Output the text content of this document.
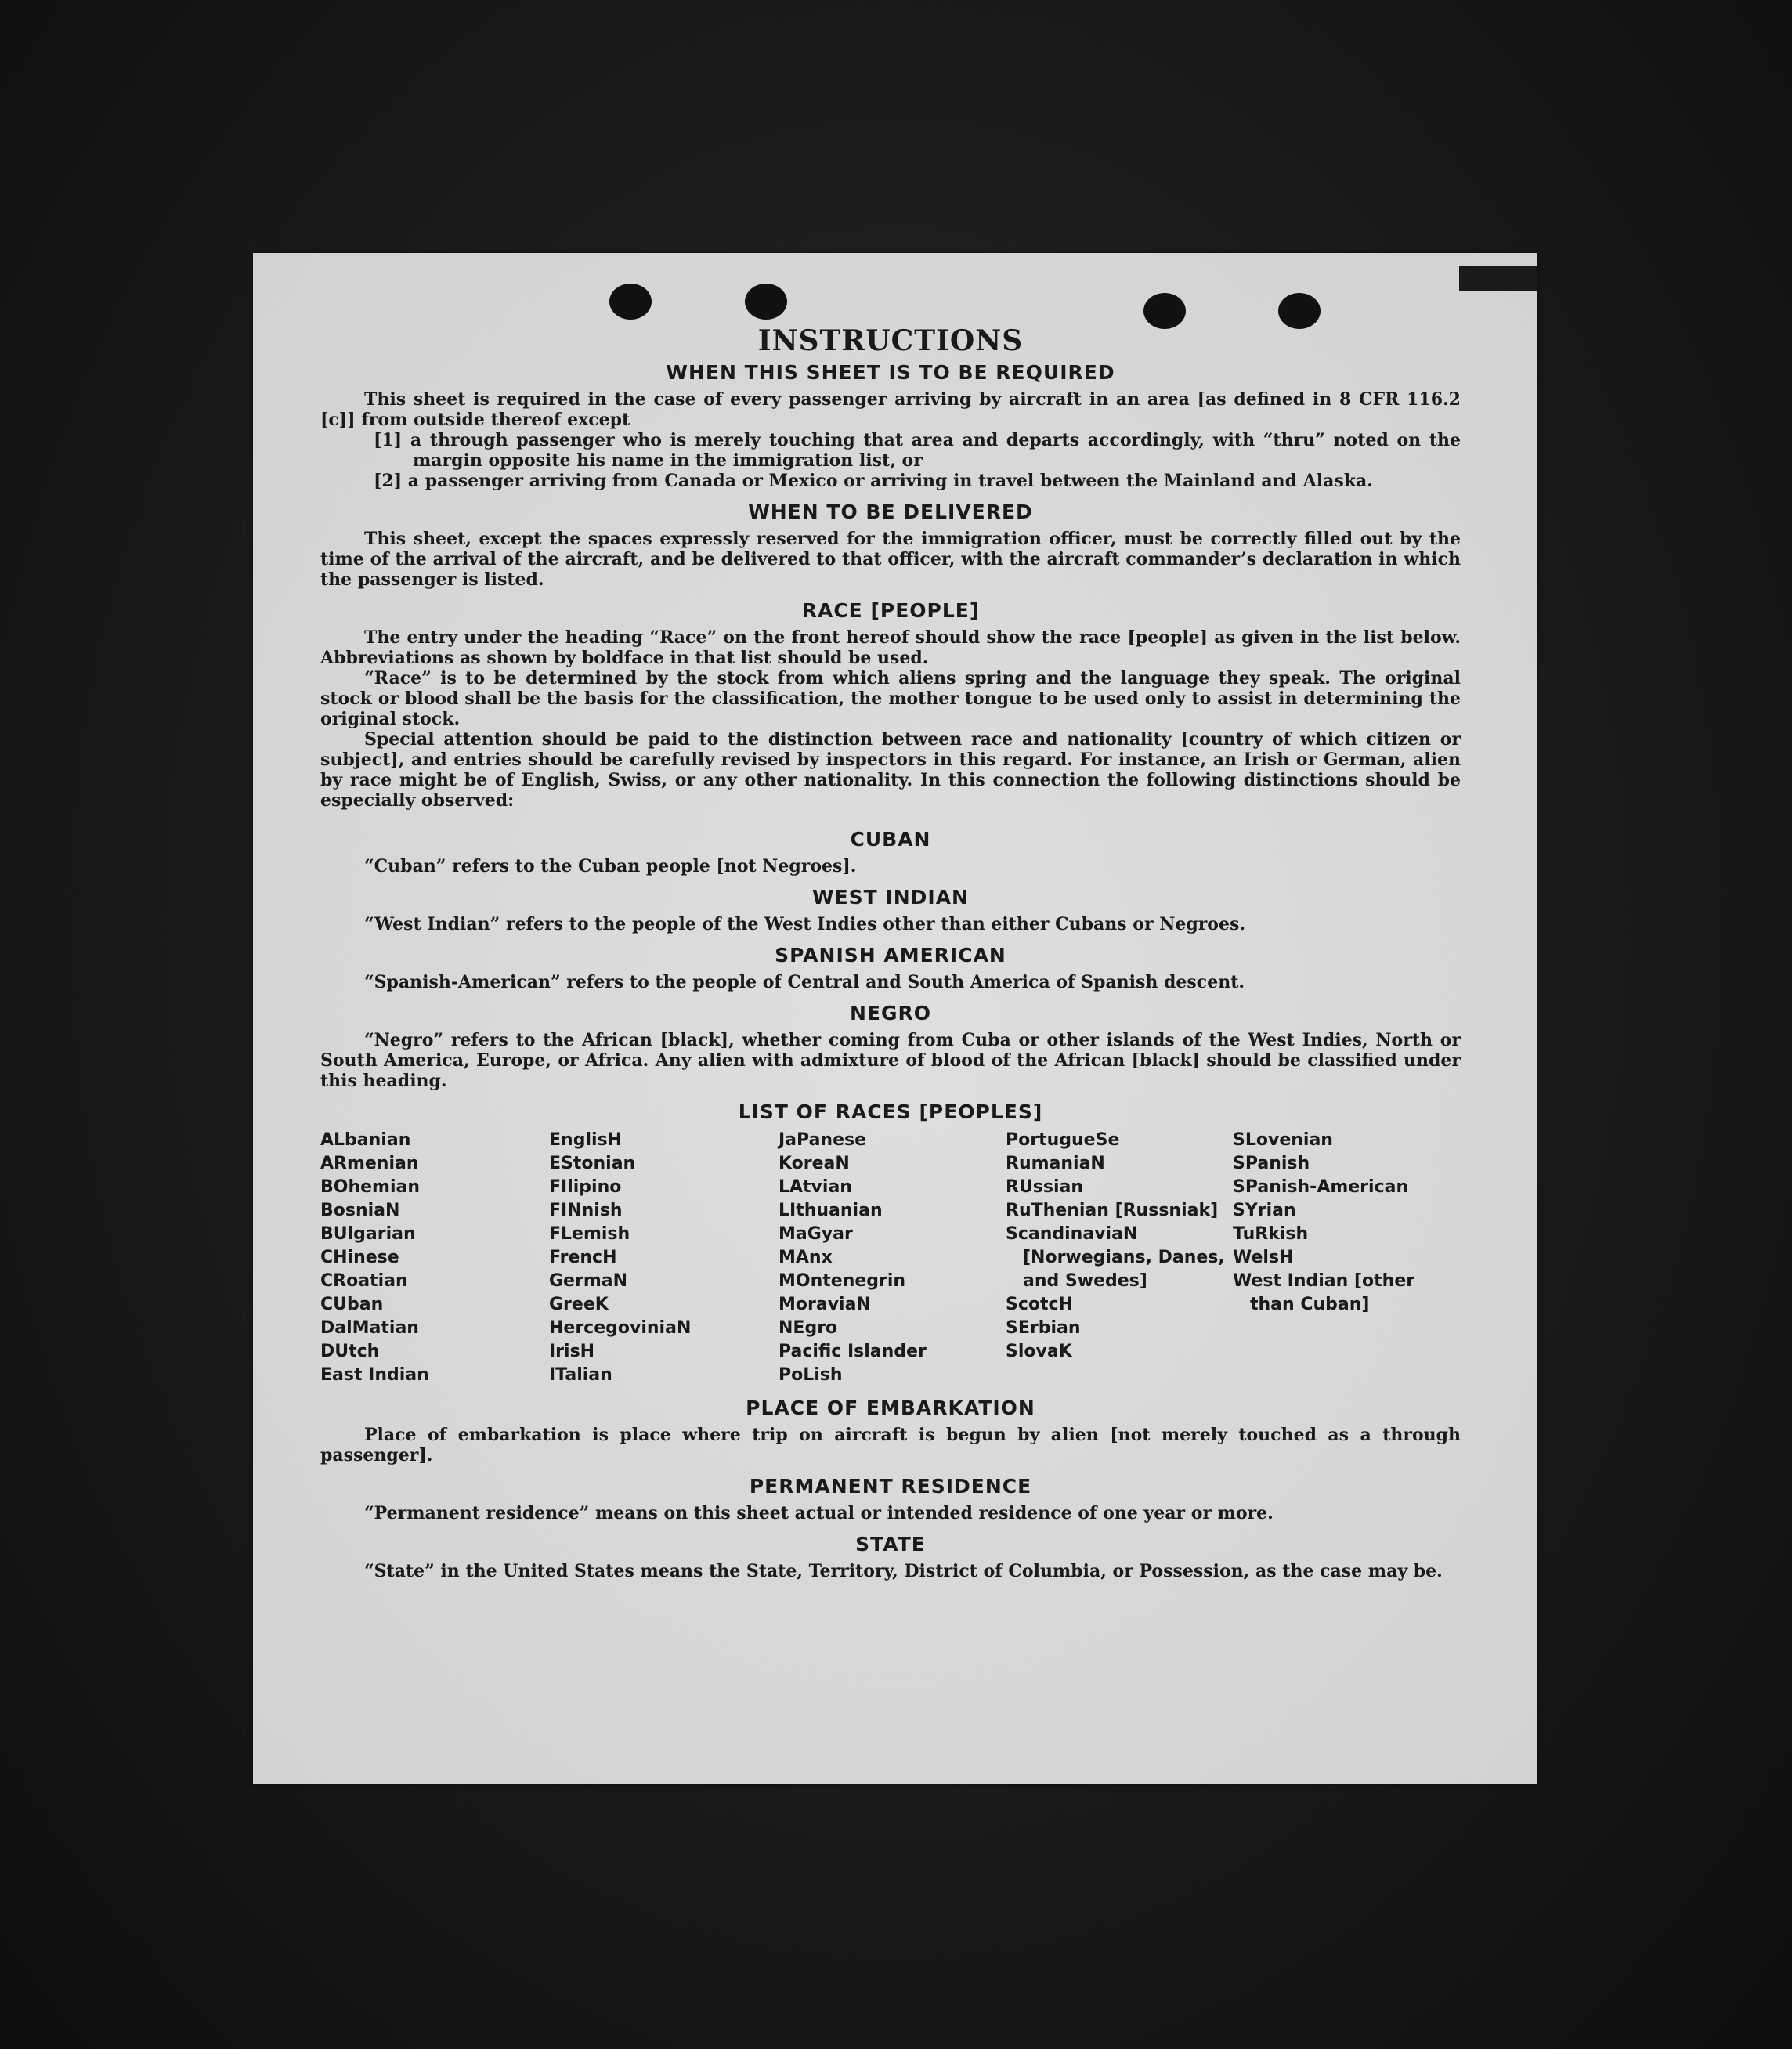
INSTRUCTIONS
WHEN THIS SHEET IS TO BE REQUIRED

This sheet is required in the case of every passenger arriving by aircraft in an area [as defined in 8 CFR 116.2 [c]] from outside thereof except

[1] a through passenger who is merely touching that area and departs accordingly, with “thru” noted on the margin opposite his name in the immigration list, or
[2] a passenger arriving from Canada or Mexico or arriving in travel between the Mainland and Alaska.
WHEN TO BE DELIVERED

This sheet, except the spaces expressly reserved for the immigration officer, must be correctly filled out by the time of the arrival of the aircraft, and be delivered to that officer, with the aircraft commander’s declaration in which the passenger is listed.

RACE [PEOPLE]

The entry under the heading “Race” on the front hereof should show the race [people] as given in the list below. Abbreviations as shown by boldface in that list should be used.

“Race” is to be determined by the stock from which aliens spring and the language they speak. The original stock or blood shall be the basis for the classification, the mother tongue to be used only to assist in determining the original stock.

Special attention should be paid to the distinction between race and nationality [country of which citizen or subject], and entries should be carefully revised by inspectors in this regard. For instance, an Irish or German, alien by race might be of English, Swiss, or any other nationality. In this connection the following distinctions should be especially observed:

CUBAN

“Cuban” refers to the Cuban people [not Negroes].

WEST INDIAN

“West Indian” refers to the people of the West Indies other than either Cubans or Negroes.

SPANISH AMERICAN

“Spanish-American” refers to the people of Central and South America of Spanish descent.

NEGRO

“Negro” refers to the African [black], whether coming from Cuba or other islands of the West Indies, North or South America, Europe, or Africa. Any alien with admixture of blood of the African [black] should be classified under this heading.

LIST OF RACES [PEOPLES]
ALbanian
ARmenian
BOhemian
BosniaN
BUlgarian
CHinese
CRoatian
CUban
DalMatian
DUtch
East Indian
EnglisH
EStonian
FIlipino
FINnish
FLemish
FrencH
GermaN
GreeK
HercegoviniaN
IrisH
ITalian
JaPanese
KoreaN
LAtvian
LIthuanian
MaGyar
MAnx
MOntenegrin
MoraviaN
NEgro
Pacific Islander
PoLish
PortugueSe
RumaniaN
RUssian
RuThenian [Russniak]
ScandinaviaN [Norwegians, Danes, and Swedes]
ScotcH
SErbian
SlovaK
SLovenian
SPanish
SPanish-American
SYrian
TuRkish
WelsH
West Indian [other than Cuban]
PLACE OF EMBARKATION

Place of embarkation is place where trip on aircraft is begun by alien [not merely touched as a through passenger].

PERMANENT RESIDENCE

“Permanent residence” means on this sheet actual or intended residence of one year or more.

STATE

“State” in the United States means the State, Territory, District of Columbia, or Possession, as the case may be.
